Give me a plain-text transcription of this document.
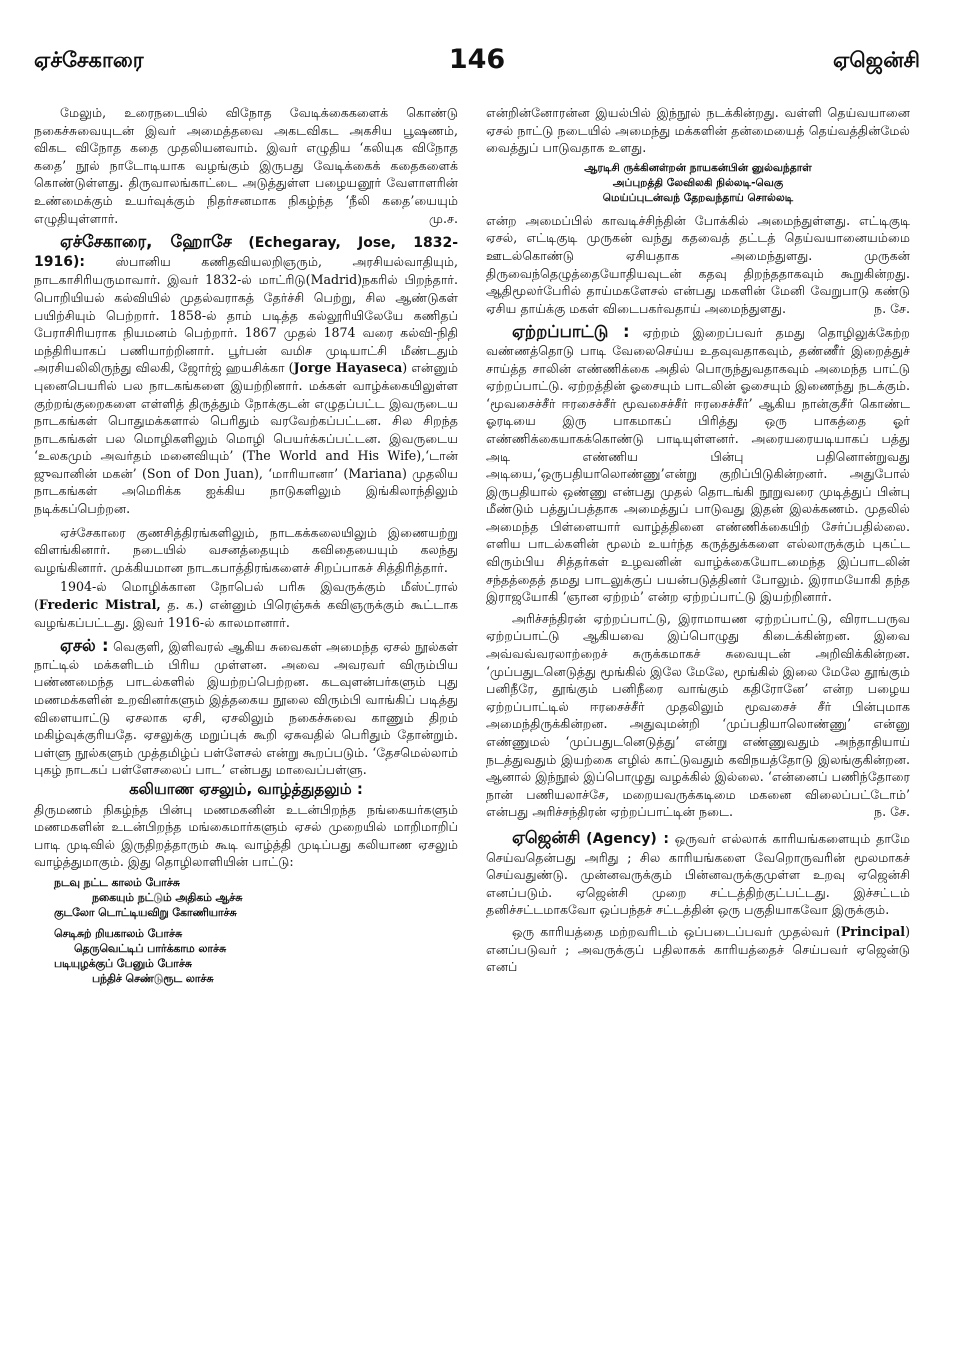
ஏச்சேகாரை	146	ஏஜென்சி

மேலும், உரைநடையில் விநோத வேடிக்கைகளைக் கொண்டு நகைச்சுவையுடன் இவர் அமைத்தவை அகடவிகட அகசிய பூஷணம், விகட விநோத கதை முதலியனவாம். இவர் எழுதிய ‘கலியுக விநோத கதை’ நூல் நாடோடியாக வழங்கும் இருபது வேடிக்கைக் கதைகளைக் கொண்டுள்ளது. திருவாலங்காட்டை அடுத்துள்ள பழையனூர் வேளாளரின் உண்மைக்கும் உயர்வுக்கும் நிதர்சனமாக நிகழ்ந்த ‘நீலி கதை’யையும் எழுதியுள்ளார்.	மு.ச.

ஏச்சேகாரை, ஹோசே (Echegaray, Jose, 1832-1916): ஸ்பானிய கணிதவியலறிஞரும், அரசியல்வாதியும், நாடகாசிரியருமாவார். இவர் 1832-ல் மாட்ரிடு(Madrid)நகரில் பிறந்தார். பொறியியல் கல்வியில் முதல்வராகத் தேர்ச்சி பெற்று, சில ஆண்டுகள் பயிற்சியும் பெற்றார். 1858-ல் தாம் படித்த கல்லூரியிலேயே கணிதப் பேராசிரியராக நியமனம் பெற்றார். 1867 முதல் 1874 வரை கல்வி-நிதி மந்திரியாகப் பணியாற்றினார். பூர்பன் வமிச முடியாட்சி மீண்டதும் அரசியலிலிருந்து விலகி, ஜோர்ஜ் ஹயசிக்கா (Jorge Hayaseca) என்னும் புனைபெயரில் பல நாடகங்களை இயற்றினார். மக்கள் வாழ்க்கையிலுள்ள குற்றங்குறைகளை எள்ளித் திருத்தும் நோக்குடன் எழுதப்பட்ட இவருடைய நாடகங்கள் பொதுமக்களால் பெரிதும் வரவேற்கப்பட்டன. சில சிறந்த நாடகங்கள் பல மொழிகளிலும் மொழி பெயர்க்கப்பட்டன. இவருடைய ‘உலகமும் அவர்தம் மனைவியும்’ (The World and His Wife),‘டான் ஜுவானின் மகன்’ (Son of Don Juan), ‘மாரியானா’ (Mariana) முதலிய நாடகங்கள் அமெரிக்க ஐக்கிய நாடுகளிலும் இங்கிலாந்திலும் நடிக்கப்பெற்றன.

ஏச்சேகாரை குணசித்திரங்களிலும், நாடகக்கலையிலும் இணையற்று விளங்கினார். நடையில் வசனத்தையும் கவிதையையும் கலந்து வழங்கினார். முக்கியமான நாடகபாத்திரங்களைச் சிறப்பாகச் சித்திரித்தார்.

1904-ல் மொழிக்கான நோபெல் பரிசு இவருக்கும் மீஸ்ட்ரால் (Frederic Mistral, த. க.) என்னும் பிரெஞ்சுக் கவிஞருக்கும் கூட்டாக வழங்கப்பட்டது. இவர் 1916-ல் காலமானார்.

ஏசல் : வெகுளி, இளிவரல் ஆகிய சுவைகள் அமைந்த ஏசல் நூல்கள் நாட்டில் மக்களிடம் பிரிய முள்ளன. அவை அவரவர் விரும்பிய பண்ணமைந்த பாடல்களில் இயற்றப்பெற்றன. கடவுளன்பர்களும் புது மணமக்களின் உறவினர்களும் இத்தகைய நூலை விரும்பி வாங்கிப் படித்து விளையாட்டு ஏசலாக ஏசி, ஏசலிலும் நகைச்சுவை காணும் திறம் மகிழ்வுக்குரியதே. ஏசலுக்கு மறுப்புக் கூறி ஏசுவதில் பெரிதும் தோன்றும். பள்ளு நூல்களும் முத்தமிழ்ப் பள்ளேசல் என்று கூறப்படும். ‘தேசமெல்லாம் புகழ் நாடகப் பள்ளேசலைப் பாட’ என்பது மாவைப்பள்ளு.

கலியாண ஏசலும், வாழ்த்துதலும் :

திருமணம் நிகழ்ந்த பின்பு மணமகனின் உடன்பிறந்த நங்கையர்களும் மணமகளின் உடன்பிறந்த மங்கைமார்களும் ஏசல் முறையில் மாறிமாறிப் பாடி முடிவில் இருதிறத்தாரும் கூடி வாழ்த்தி முடிப்பது கலியாண ஏசலும் வாழ்த்துமாகும். இது தொழிலாளியின் பாட்டு:

நடவு நட்ட காலம் போச்சு
நகையும் நட்டும் அதிகம் ஆச்சு
குடலோ டொட்டியவிறு கோணியாச்சு
செடிசுற் றியகாலம் போச்சு
தெருவெட்டிப் பார்க்காம லாச்சு
படியுழக்குப் பேனும் போச்சு
பந்திச் செண்டுரூட லாச்சு

என்றின்னோரன்ன இயல்பில் இந்நூல் நடக்கின்றது. வள்ளி தெய்வயானை ஏசல் நாட்டு நடையில் அமைந்து மக்களின் தன்மையைத் தெய்வத்தின்மேல் வைத்துப் பாடுவதாக உளது.

ஆரடிசி ருக்கினள்றன் நாயகன்பின் னுல்வந்தாள்
அப்புறத்தி லேவிலகி நில்லடி-வெகு
மெய்ப்புடன்வந் தேறவந்தாய் சொல்லடி

என்ற அமைப்பில் காவடிச்சிந்தின் போக்கில் அமைந்துள்ளது. எட்டிகுடி ஏசல், எட்டிகுடி முருகன் வந்து கதவைத் தட்டத் தெய்வயானையம்மை ஊடல்கொண்டு ஏசியதாக அமைந்துளது. முருகன் திருவைந்தெழுத்தையோதியவுடன் கதவு திறந்ததாகவும் கூறுகின்றது. ஆதிமூலர்பேரில் தாய்மகளேசல் என்பது மகளின் மேனி வேறுபாடு கண்டு ஏசிய தாய்க்கு மகள் விடைபகர்வதாய் அமைந்துளது.	ந. சே.

ஏற்றப்பாட்டு : ஏற்றம் இறைப்பவர் தமது தொழிலுக்கேற்ற வண்ணத்தொடு பாடி வேலைசெய்ய உதவுவதாகவும், தண்ணீர் இறைத்துச் சாய்த்த சாலின் எண்ணிக்கை அதில் பொருந்துவதாகவும் அமைந்த பாட்டு ஏற்றப்பாட்டு. ஏற்றத்தின் ஓசையும் பாடலின் ஓசையும் இணைந்து நடக்கும். ‘மூவசைச்சீர் ஈரசைச்சீர் மூவசைச்சீர் ஈரசைச்சீர்’ ஆகிய நான்குசீர் கொண்ட ஓரடியை இரு பாகமாகப் பிரித்து ஒரு பாகத்தை ஓர் எண்ணிக்கையாகக்கொண்டு பாடியுள்ளனர். அரையரையடியாகப் பத்து அடி எண்ணிய பின்பு பதினொன்றுவது அடியை,‘ஒருபதியாலொண்ணு’என்று குறிப்பிடுகின்றனர். அதுபோல் இருபதியால் ஒண்ணு என்பது முதல் தொடங்கி நூறுவரை முடித்துப் பின்பு மீண்டும் பத்துப்பத்தாக அமைத்துப் பாடுவது இதன் இலக்கணம். முதலில் அமைந்த பிள்ளையார் வாழ்த்தினை எண்ணிக்கையிற் சேர்ப்பதில்லை. எளிய பாடல்களின் மூலம் உயர்ந்த கருத்துக்களை எல்லாருக்கும் புகட்ட விரும்பிய சித்தர்கள் உழவனின் வாழ்க்கையோடமைந்த இப்பாடலின் சந்தத்தைத் தமது பாடலுக்குப் பயன்படுத்தினர் போலும். இராமயோகி தந்த இராஜயோகி ‘ஞான ஏற்றம்’ என்ற ஏற்றப்பாட்டு இயற்றினார்.

அரிச்சந்திரன் ஏற்றப்பாட்டு, இராமாயண ஏற்றப்பாட்டு, விராடபருவ ஏற்றப்பாட்டு ஆகியவை இப்பொழுது கிடைக்கின்றன. இவை அவ்வவ்வரலாற்றைச் சுருக்கமாகச் சுவையுடன் அறிவிக்கின்றன. ‘முப்பதுடனெடுத்து மூங்கில் இலே மேலே, மூங்கில் இலை மேலே தூங்கும் பனிநீரே, தூங்கும் பனிநீரை வாங்கும் கதிரோனே’ என்ற பழைய ஏற்றப்பாட்டில் ஈரசைச்சீர் முதலிலும் மூவசைச் சீர் பின்புமாக அமைந்திருக்கின்றன. அதுவுமன்றி ‘முப்பதியாலொண்ணு’ என்னு எண்ணுமல் ‘முப்பதுடனெடுத்து’ என்று எண்ணுவதும் அந்தாதியாய் நடத்துவதும் இயற்கை எழில் காட்டுவதும் கவிநயத்தோடு இலங்குகின்றன. ஆனால் இந்நூல் இப்பொழுது வழக்கில் இல்லை. ‘என்னைப் பணிந்தோரை நான் பணியலாச்சே, மறையவருக்கடிமை மகனை விலைப்பட்டோம்’ என்பது அரிச்சந்திரன் ஏற்றப்பாட்டின் நடை.	ந. சே.

ஏஜென்சி (Agency) : ஒருவர் எல்லாக் காரியங்களையும் தாமே செய்வதென்பது அரிது ; சில காரியங்களை வேறொருவரின் மூலமாகச் செய்வதுண்டு. முன்னவருக்கும் பின்னவருக்குமுள்ள உறவு ஏஜென்சி எனப்படும். ஏஜென்சி முறை சட்டத்திற்குட்பட்டது. இச்சட்டம் தனிச்சட்டமாகவோ ஒப்பந்தச் சட்டத்தின் ஒரு பகுதியாகவோ இருக்கும்.

ஒரு காரியத்தை மற்றவரிடம் ஒப்படைப்பவர் முதல்வர் (Principal) எனப்படுவர் ; அவருக்குப் பதிலாகக் காரியத்தைச் செய்பவர் ஏஜென்டு எனப்
